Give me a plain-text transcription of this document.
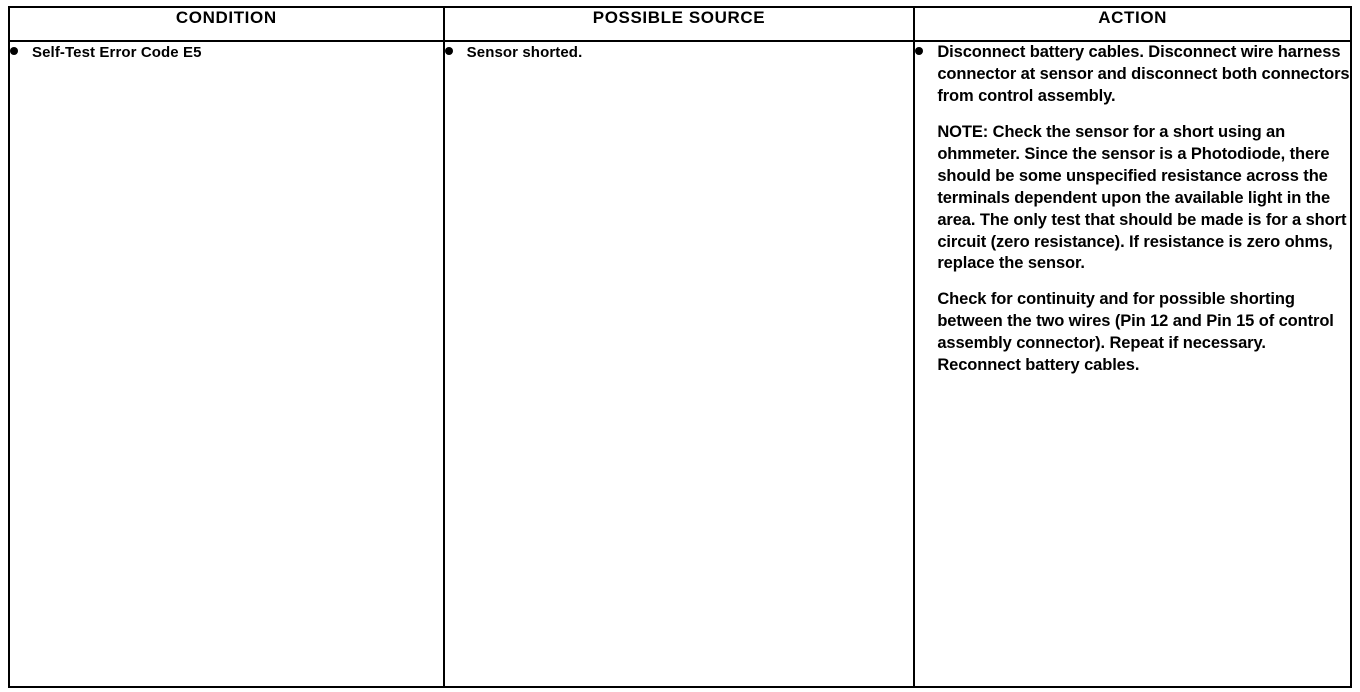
CONDITION	POSSIBLE SOURCE	ACTION

Self-Test Error Code E5	Sensor shorted.	Disconnect battery cables. Disconnect wire harness connector at sensor and disconnect both connectors from control assembly.
NOTE: Check the sensor for a short using an ohmmeter. Since the sensor is a Photodiode, there should be some unspecified resistance across the terminals dependent upon the available light in the area. The only test that should be made is for a short circuit (zero resistance). If resistance is zero ohms, replace the sensor.
Check for continuity and for possible shorting between the two wires (Pin 12 and Pin 15 of control assembly connector). Repeat if necessary. Reconnect battery cables.
